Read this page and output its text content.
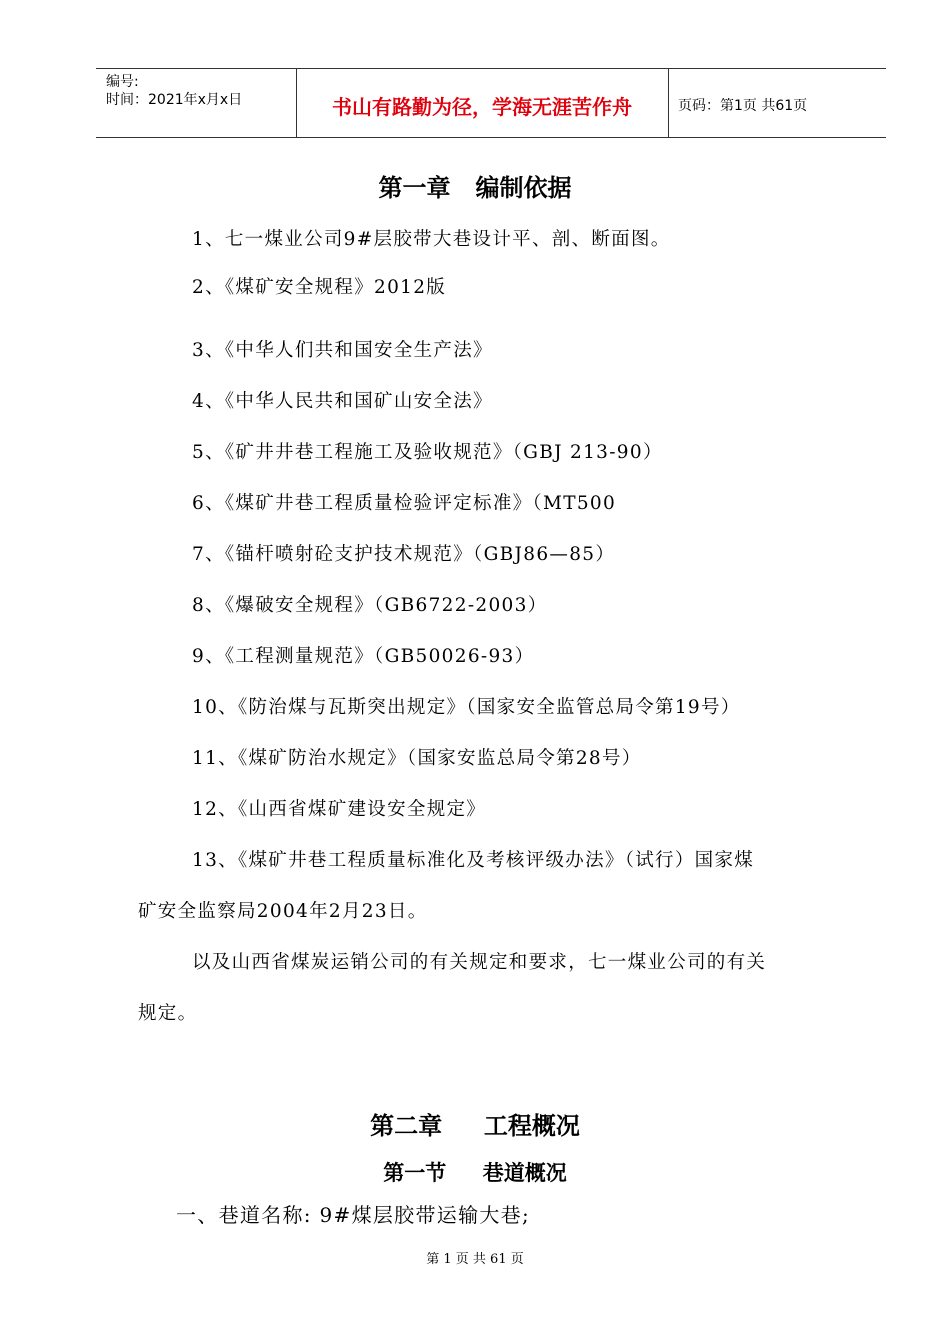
编号:
时间：2021年x月x日	书山有路勤为径，学海无涯苦作舟	页码：第1页 共61页
第一章   编制依据
1、七一煤业公司9#层胶带大巷设计平、剖、断面图。
2、《煤矿安全规程》2012版
3、《中华人们共和国安全生产法》
4、《中华人民共和国矿山安全法》
5、《矿井井巷工程施工及验收规范》（GBJ 213-90）
6、《煤矿井巷工程质量检验评定标准》（MT500
7、《锚杆喷射砼支护技术规范》（GBJ86—85）
8、《爆破安全规程》（GB6722-2003）
9、《工程测量规范》（GB50026-93）
10、《防治煤与瓦斯突出规定》（国家安全监管总局令第19号）
11、《煤矿防治水规定》（国家安监总局令第28号）
12、《山西省煤矿建设安全规定》
13、《煤矿井巷工程质量标准化及考核评级办法》（试行）国家煤
矿安全监察局2004年2月23日。
以及山西省煤炭运销公司的有关规定和要求，七一煤业公司的有关
规定。
第二章     工程概况
第一节     巷道概况
一、巷道名称: 9#煤层胶带运输大巷;
第 1 页 共 61 页
